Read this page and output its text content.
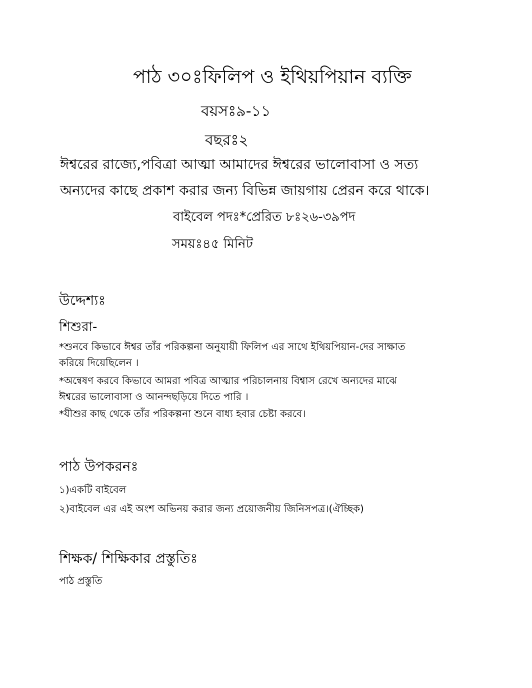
পাঠ ৩০ঃফিলিপ ও ইথিয়পিয়ান ব্যক্তি

বয়সঃ৯-১১

বছরঃ২

ঈশ্বরের রাজ্যে,পবিত্রা আত্মা আমাদের ঈশ্বরের ভালোবাসা ও সত্য

অন্যদের কাছে প্রকাশ করার জন্য বিভিন্ন জায়গায় প্রেরন করে থাকে।

বাইবেল পদঃ*প্রেরিত ৮ঃ২৬-৩৯পদ

সময়ঃ৪৫ মিনিট

উদ্দেশ্যঃ

শিশুরা-

*শুনবে কিভাবে ঈশ্বর তাঁর পরিকল্পনা অনুযায়ী ফিলিপ এর সাথে ইথিয়পিয়ান-দের সাক্ষাত
করিয়ে দিয়েছিলেন ।
*অন্বেষণ করবে কিভাবে আমরা পবিত্র আত্মার পরিচালনায় বিশ্বাস রেখে অন্যদের মাঝে
ঈশ্বরের ভালোবাসা ও আনন্দছড়িয়ে দিতে পারি ।
*যীশুর কাছ থেকে তাঁর পরিকল্পনা শুনে বাধ্য হবার চেষ্টা করবে।

পাঠ উপকরনঃ

১)একটি বাইবেল

২)বাইবেল এর এই অংশ অভিনয় করার জন্য প্রয়োজনীয় জিনিসপত্র।(ঐচ্ছিক)

শিক্ষক/ শিক্ষিকার প্রস্তুতিঃ

পাঠ প্রস্তুতি
